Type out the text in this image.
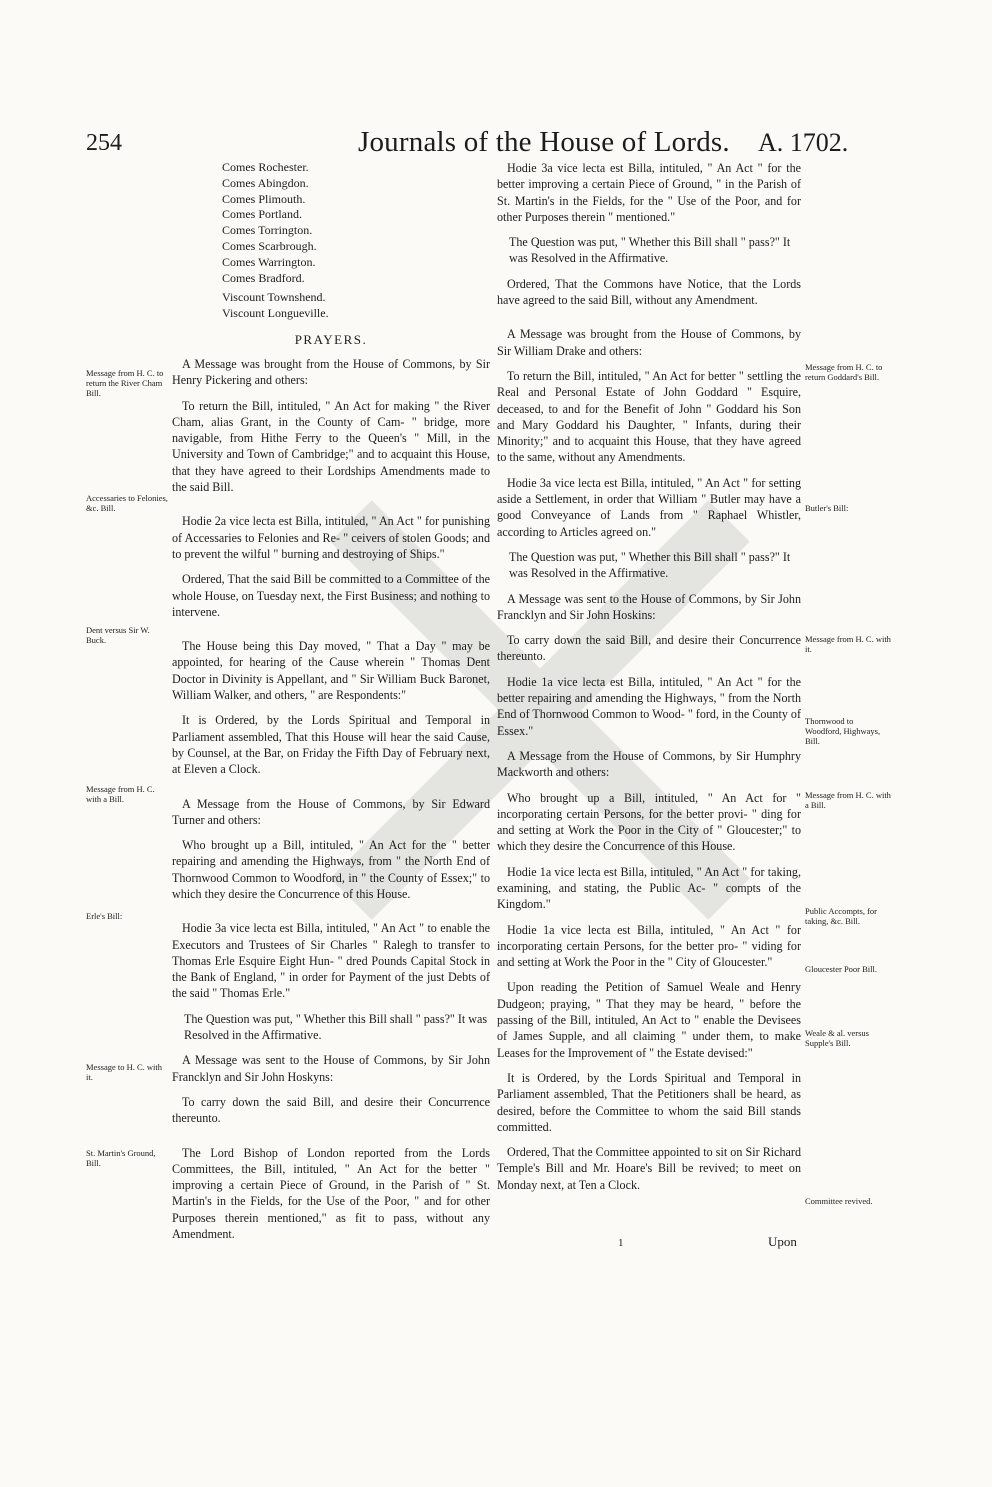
254	Journals of the House of Lords. A. 1702.
Comes Rochester.
Comes Abingdon.
Comes Plimouth.
Comes Portland.
Comes Torrington.
Comes Scarbrough.
Comes Warrington.
Comes Bradford.
Viscount Townshend.
Viscount Longueville.
PRAYERS.

A Message was brought from the House of Commons, by Sir Henry Pickering and others:

To return the Bill, intituled, " An Act for making " the River Cham, alias Grant, in the County of Cam- " bridge, more navigable, from Hithe Ferry to the Queen's " Mill, in the University and Town of Cambridge;" and to acquaint this House, that they have agreed to their Lordships Amendments made to the said Bill.

Hodie 2a vice lecta est Billa, intituled, " An Act " for punishing of Accessaries to Felonies and Re- " ceivers of stolen Goods; and to prevent the wilful " burning and destroying of Ships."

Ordered, That the said Bill be committed to a Committee of the whole House, on Tuesday next, the First Business; and nothing to intervene.

The House being this Day moved, " That a Day " may be appointed, for hearing of the Cause wherein " Thomas Dent Doctor in Divinity is Appellant, and " Sir William Buck Baronet, William Walker, and others, " are Respondents:"

It is Ordered, by the Lords Spiritual and Temporal in Parliament assembled, That this House will hear the said Cause, by Counsel, at the Bar, on Friday the Fifth Day of February next, at Eleven a Clock.

A Message from the House of Commons, by Sir Edward Turner and others:

Who brought up a Bill, intituled, " An Act for the " better repairing and amending the Highways, from " the North End of Thornwood Common to Woodford, in " the County of Essex;" to which they desire the Concurrence of this House.

Hodie 3a vice lecta est Billa, intituled, " An Act " to enable the Executors and Trustees of Sir Charles " Ralegh to transfer to Thomas Erle Esquire Eight Hun- " dred Pounds Capital Stock in the Bank of England, " in order for Payment of the just Debts of the said " Thomas Erle."

The Question was put, " Whether this Bill shall " pass?" It was Resolved in the Affirmative.

A Message was sent to the House of Commons, by Sir John Francklyn and Sir John Hoskyns:

To carry down the said Bill, and desire their Concurrence thereunto.

The Lord Bishop of London reported from the Lords Committees, the Bill, intituled, " An Act for the better " improving a certain Piece of Ground, in the Parish of " St. Martin's in the Fields, for the Use of the Poor, " and for other Purposes therein mentioned," as fit to pass, without any Amendment.

Message from H. C. to return the River Cham Bill.
Accessaries to Felonies, &c. Bill.
Dent versus Sir W. Buck.
Message from H. C. with a Bill.
Erle's Bill:
Message to H. C. with it.
St. Martin's Ground, Bill.

Hodie 3a vice lecta est Billa, intituled, " An Act " for the better improving a certain Piece of Ground, " in the Parish of St. Martin's in the Fields, for the " Use of the Poor, and for other Purposes therein " mentioned."

The Question was put, " Whether this Bill shall " pass?" It was Resolved in the Affirmative.

Ordered, That the Commons have Notice, that the Lords have agreed to the said Bill, without any Amendment.

A Message was brought from the House of Commons, by Sir William Drake and others:

To return the Bill, intituled, " An Act for better " settling the Real and Personal Estate of John Goddard " Esquire, deceased, to and for the Benefit of John " Goddard his Son and Mary Goddard his Daughter, " Infants, during their Minority;" and to acquaint this House, that they have agreed to the same, without any Amendments.

Hodie 3a vice lecta est Billa, intituled, " An Act " for setting aside a Settlement, in order that William " Butler may have a good Conveyance of Lands from " Raphael Whistler, according to Articles agreed on."

The Question was put, " Whether this Bill shall " pass?" It was Resolved in the Affirmative.

A Message was sent to the House of Commons, by Sir John Francklyn and Sir John Hoskins:

To carry down the said Bill, and desire their Concurrence thereunto.

Hodie 1a vice lecta est Billa, intituled, " An Act " for the better repairing and amending the Highways, " from the North End of Thornwood Common to Wood- " ford, in the County of Essex."

A Message from the House of Commons, by Sir Humphry Mackworth and others:

Who brought up a Bill, intituled, " An Act for " incorporating certain Persons, for the better provi- " ding for and setting at Work the Poor in the City of " Gloucester;" to which they desire the Concurrence of this House.

Hodie 1a vice lecta est Billa, intituled, " An Act " for taking, examining, and stating, the Public Ac- " compts of the Kingdom."

Hodie 1a vice lecta est Billa, intituled, " An Act " for incorporating certain Persons, for the better pro- " viding for and setting at Work the Poor in the " City of Gloucester."

Upon reading the Petition of Samuel Weale and Henry Dudgeon; praying, " That they may be heard, " before the passing of the Bill, intituled, An Act to " enable the Devisees of James Supple, and all claiming " under them, to make Leases for the Improvement of " the Estate devised:"

It is Ordered, by the Lords Spiritual and Temporal in Parliament assembled, That the Petitioners shall be heard, as desired, before the Committee to whom the said Bill stands committed.

Ordered, That the Committee appointed to sit on Sir Richard Temple's Bill and Mr. Hoare's Bill be revived; to meet on Monday next, at Ten a Clock.

Message from H. C. to return Goddard's Bill.
Butler's Bill:
Message from H. C. with it.
Thornwood to Woodford, Highways, Bill.
Message from H. C. with a Bill.
Public Accompts, for taking, &c. Bill.
Gloucester Poor Bill.
Weale & al. versus Supple's Bill.
Committee revived.
1	Upon
